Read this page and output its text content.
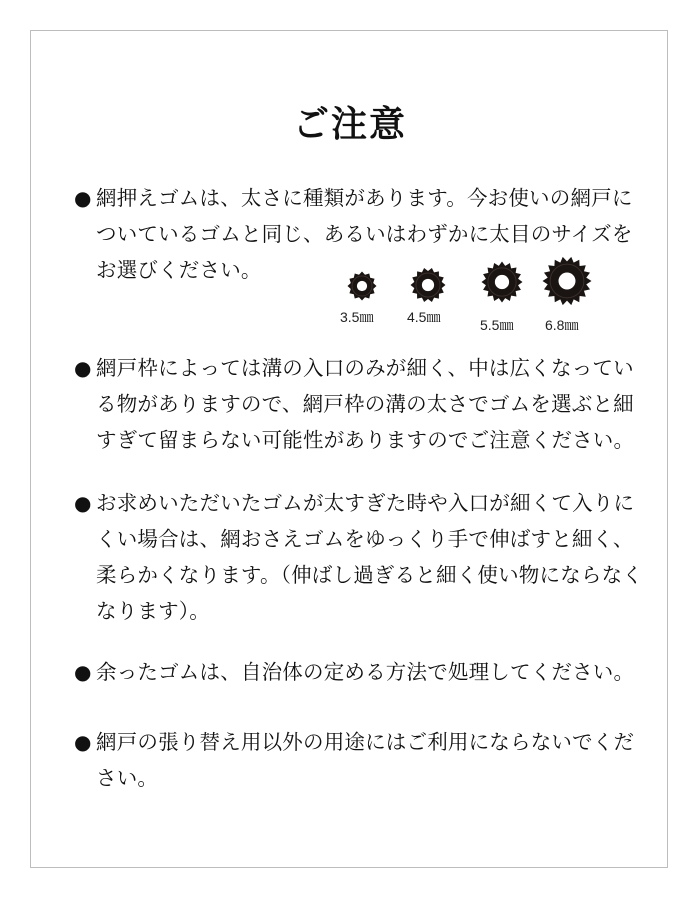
ご注意

● 網押えゴムは、太さに種類があります。今お使いの網戸についているゴムと同じ、あるいはわずかに太目のサイズをお選びください。

3.5㎜ 4.5㎜	5.5㎜ 6.8㎜

● 網戸枠によっては溝の入口のみが細く、中は広くなっている物がありますので、網戸枠の溝の太さでゴムを選ぶと細すぎて留まらない可能性がありますのでご注意ください。

● お求めいただいたゴムが太すぎた時や入口が細くて入りにくい場合は、網おさえゴムをゆっくり手で伸ばすと細く、柔らかくなります。（伸ばし過ぎると細く使い物にならなくなります）。

● 余ったゴムは、自治体の定める方法で処理してください。

● 網戸の張り替え用以外の用途にはご利用にならないでください。
